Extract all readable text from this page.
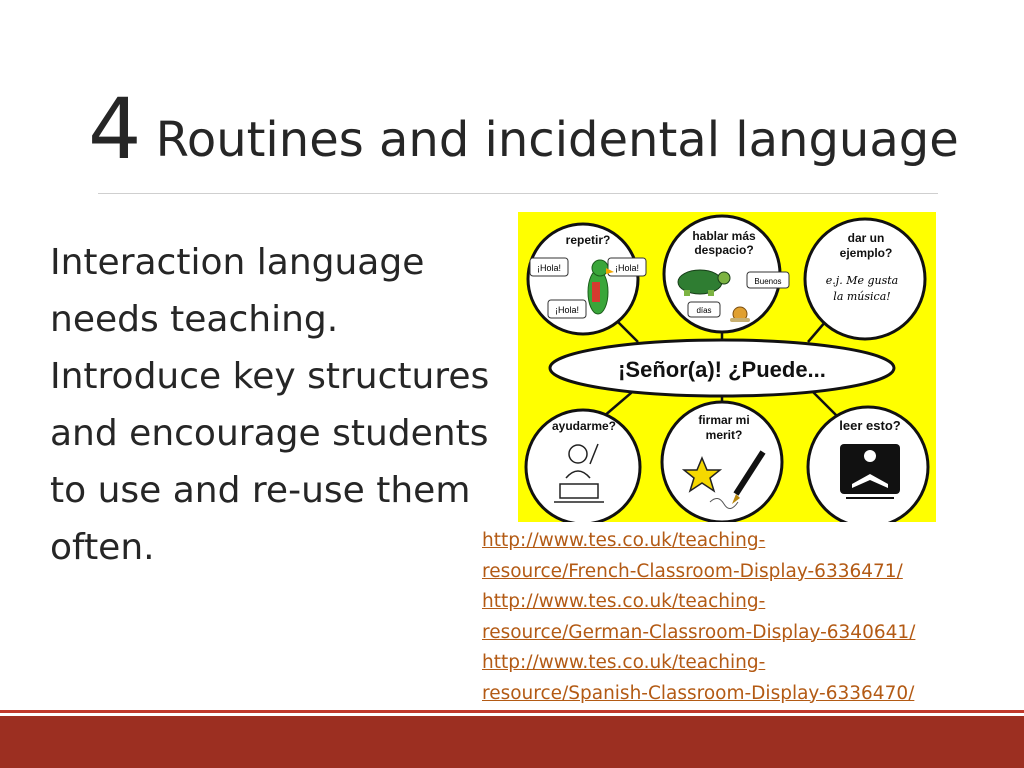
4 Routines and incidental language

Interaction language needs teaching. Introduce key structures and encourage students to use and re-use them often.

¡Señor(a)! ¿Puede...
repetir?
¡Hola!	¡Hola!
¡Hola!
hablar más
despacio?
Buenos
días
dar un
ejemplo?
e.j. Me gusta
la música!
ayudarme?	firmar mi
merit?
leer esto?
http://www.tes.co.uk/teaching-
resource/French-Classroom-Display-6336471/
http://www.tes.co.uk/teaching-
resource/German-Classroom-Display-6340641/
http://www.tes.co.uk/teaching-
resource/Spanish-Classroom-Display-6336470/
